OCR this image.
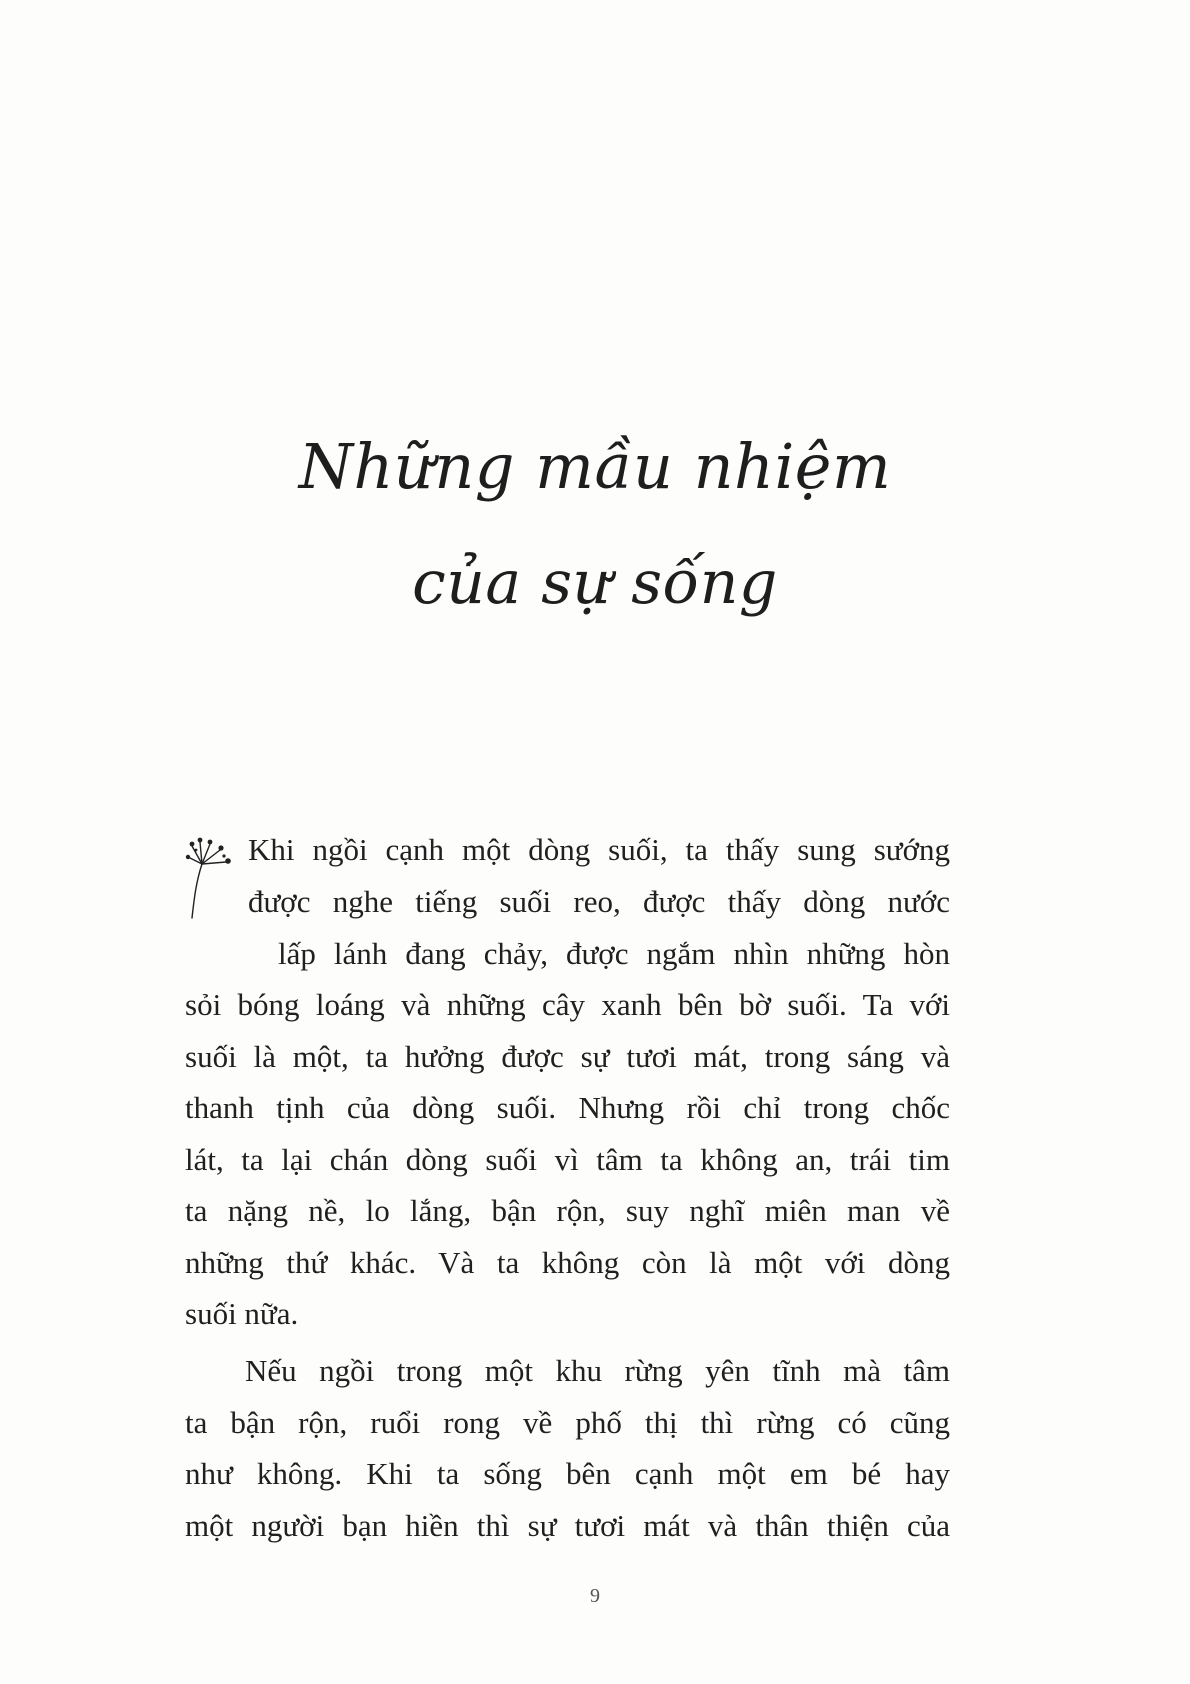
Những mầu nhiệm
của sự sống
Khi ngồi cạnh một dòng suối, ta thấy sung sướng
được nghe tiếng suối reo, được thấy dòng nước
lấp lánh đang chảy, được ngắm nhìn những hòn
sỏi bóng loáng và những cây xanh bên bờ suối. Ta với
suối là một, ta hưởng được sự tươi mát, trong sáng và
thanh tịnh của dòng suối. Nhưng rồi chỉ trong chốc
lát, ta lại chán dòng suối vì tâm ta không an, trái tim
ta nặng nề, lo lắng, bận rộn, suy nghĩ miên man về
những thứ khác. Và ta không còn là một với dòng
suối nữa.
Nếu ngồi trong một khu rừng yên tĩnh mà tâm
ta bận rộn, ruổi rong về phố thị thì rừng có cũng
như không. Khi ta sống bên cạnh một em bé hay
một người bạn hiền thì sự tươi mát và thân thiện của
9
